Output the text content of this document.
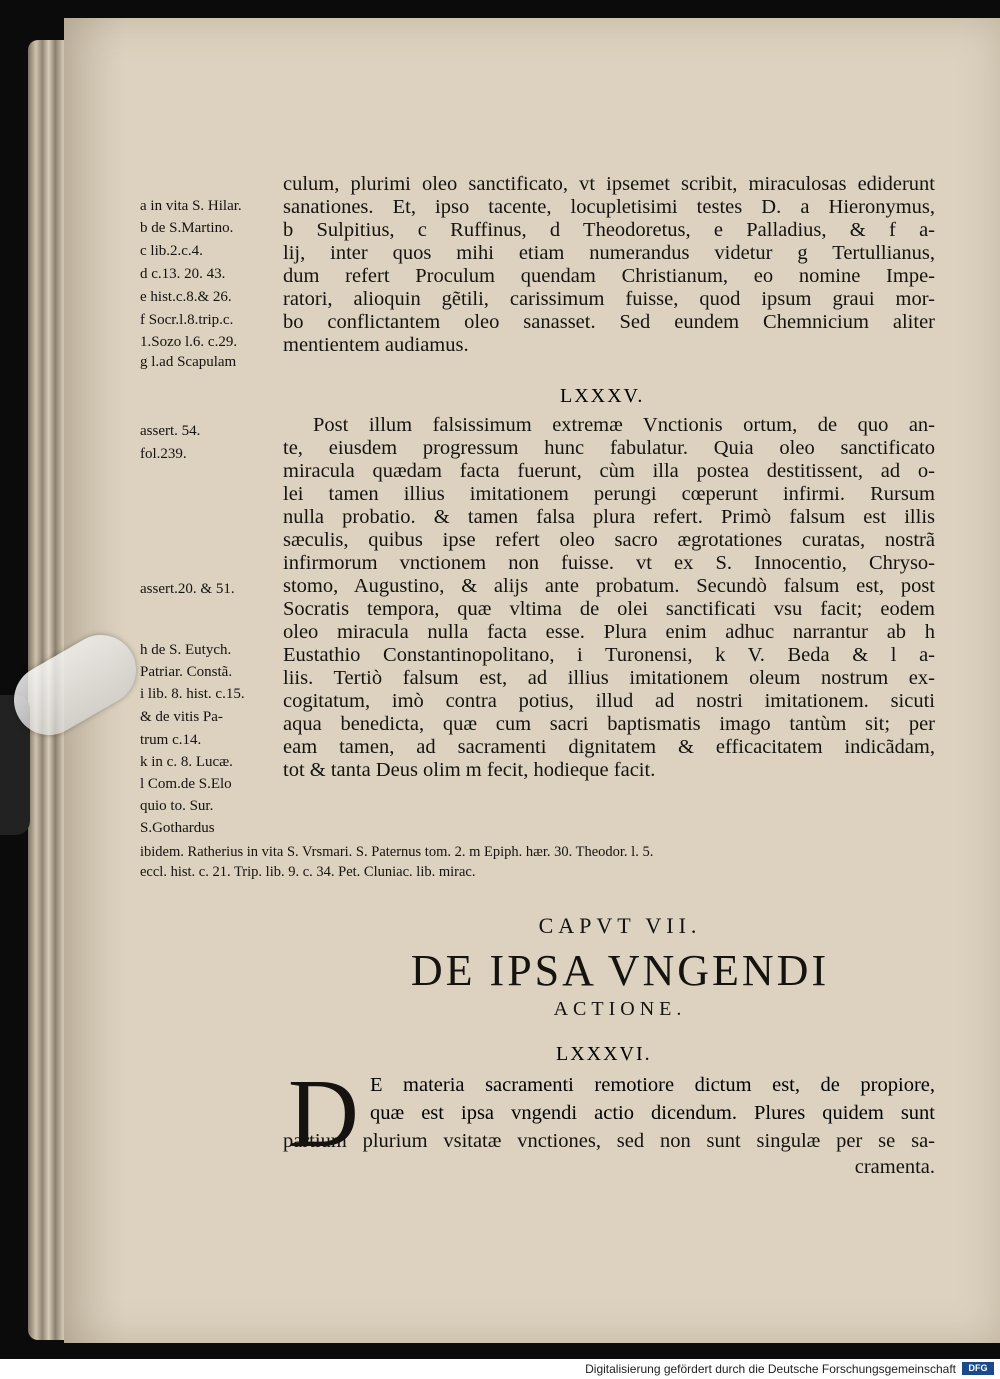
a in vita S. Hilar.
b de S.Martino.
c lib.2.c.4.
d c.13. 20. 43.
e hist.c.8.& 26.
f Socr.l.8.trip.c.
1.Sozo l.6. c.29.
g l.ad Scapulam
assert. 54.
fol.239.
assert.20. & 51.
h de S. Eutych.
Patriar. Constã.
i lib. 8. hist. c.15.
& de vitis Pa-
trum c.14.
k in c. 8. Lucæ.
l Com.de S.Elo
quio to. Sur.
S.Gothardus
culum, plurimi oleo sanctificato, vt ipsemet scribit, miraculosas ediderunt
sanationes. Et, ipso tacente, locupletisimi testes D. a Hieronymus,
b Sulpitius, c Ruffinus, d Theodoretus, e Palladius, & f a-
lij, inter quos mihi etiam numerandus videtur g Tertullianus,
dum refert Proculum quendam Christianum, eo nomine Impe-
ratori, alioquin gẽtili, carissimum fuisse, quod ipsum graui mor-
bo conflictantem oleo sanasset. Sed eundem Chemnicium aliter
mentientem audiamus.
LXXXV.
Post illum falsissimum extremæ Vnctionis ortum, de quo an-
te, eiusdem progressum hunc fabulatur. Quia oleo sanctificato
miracula quædam facta fuerunt, cùm illa postea destitissent, ad o-
lei tamen illius imitationem perungi cœperunt infirmi. Rursum
nulla probatio. & tamen falsa plura refert. Primò falsum est illis
sæculis, quibus ipse refert oleo sacro ægrotationes curatas, nostrã
infirmorum vnctionem non fuisse. vt ex S. Innocentio, Chryso-
stomo, Augustino, & alijs ante probatum. Secundò falsum est, post
Socratis tempora, quæ vltima de olei sanctificati vsu facit; eodem
oleo miracula nulla facta esse. Plura enim adhuc narrantur ab h
Eustathio Constantinopolitano, i Turonensi, k V. Beda & l a-
liis. Tertiò falsum est, ad illius imitationem oleum nostrum ex-
cogitatum, imò contra potius, illud ad nostri imitationem. sicuti
aqua benedicta, quæ cum sacri baptismatis imago tantùm sit; per
eam tamen, ad sacramenti dignitatem & efficacitatem indicãdam,
tot & tanta Deus olim m fecit, hodieque facit.
ibidem. Ratherius in vita S. Vrsmari. S. Paternus tom. 2. m Epiph. hær. 30. Theodor. l. 5.
eccl. hist. c. 21. Trip. lib. 9. c. 34. Pet. Cluniac. lib. mirac.
CAPVT VII.
DE IPSA VNGENDI
ACTIONE.
LXXXVI.
D E materia sacramenti remotiore dictum est, de propiore,
quæ est ipsa vngendi actio dicendum. Plures quidem sunt
partium plurium vsitatæ vnctiones, sed non sunt singulæ per se sa-
cramenta.
Digitalisierung gefördert durch die Deutsche Forschungsgemeinschaft	DFG
